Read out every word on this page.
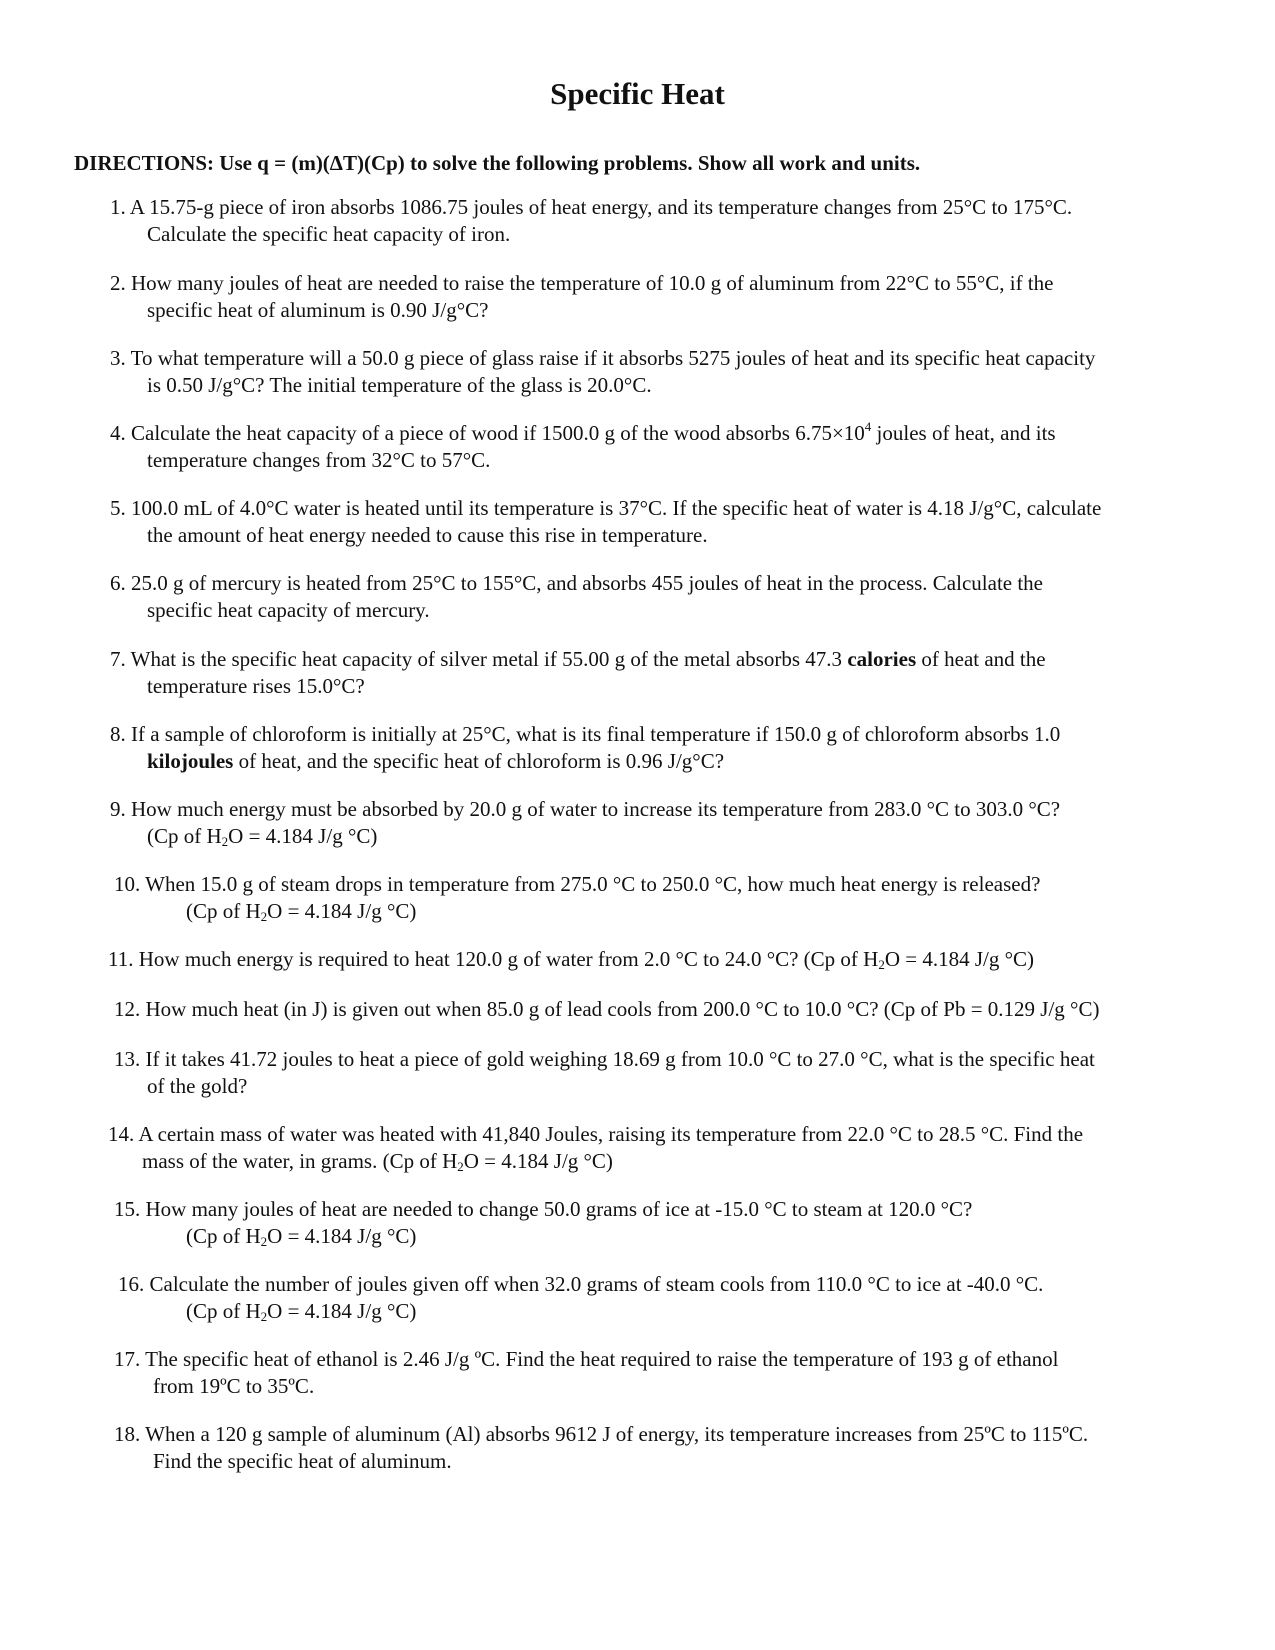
Specific Heat
DIRECTIONS: Use q = (m)(ΔT)(Cp) to solve the following problems. Show all work and units.
1. A 15.75-g piece of iron absorbs 1086.75 joules of heat energy, and its temperature changes from 25°C to 175°C.
Calculate the specific heat capacity of iron.
2. How many joules of heat are needed to raise the temperature of 10.0 g of aluminum from 22°C to 55°C, if the
specific heat of aluminum is 0.90 J/g°C?
3. To what temperature will a 50.0 g piece of glass raise if it absorbs 5275 joules of heat and its specific heat capacity
is 0.50 J/g°C? The initial temperature of the glass is 20.0°C.
4. Calculate the heat capacity of a piece of wood if 1500.0 g of the wood absorbs $6.75\times 10^4$ joules of heat, and its
temperature changes from 32°C to 57°C.
5. 100.0 mL of 4.0°C water is heated until its temperature is 37°C. If the specific heat of water is 4.18 J/g°C, calculate
the amount of heat energy needed to cause this rise in temperature.
6. 25.0 g of mercury is heated from 25°C to 155°C, and absorbs 455 joules of heat in the process. Calculate the
specific heat capacity of mercury.
7. What is the specific heat capacity of silver metal if 55.00 g of the metal absorbs 47.3 calories of heat and the
temperature rises 15.0°C?
8. If a sample of chloroform is initially at 25°C, what is its final temperature if 150.0 g of chloroform absorbs 1.0
kilojoules of heat, and the specific heat of chloroform is 0.96 J/g°C?
9. How much energy must be absorbed by 20.0 g of water to increase its temperature from 283.0 °C to 303.0 °C?
(Cp of $H_2O = 4.184$ J/g °C)
10. When 15.0 g of steam drops in temperature from 275.0 °C to 250.0 °C, how much heat energy is released?
(Cp of $H_2O = 4.184$ J/g °C)
11. How much energy is required to heat 120.0 g of water from 2.0 °C to 24.0 °C? (Cp of $H_2O = 4.184$ J/g °C)
12. How much heat (in J) is given out when 85.0 g of lead cools from 200.0 °C to 10.0 °C? (Cp of Pb = 0.129 J/g °C)
13. If it takes 41.72 joules to heat a piece of gold weighing 18.69 g from 10.0 °C to 27.0 °C, what is the specific heat
of the gold?
14. A certain mass of water was heated with 41,840 Joules, raising its temperature from 22.0 °C to 28.5 °C. Find the
mass of the water, in grams. (Cp of $H_2O = 4.184$ J/g °C)
15. How many joules of heat are needed to change 50.0 grams of ice at -15.0 °C to steam at 120.0 °C?
(Cp of $H_2O = 4.184$ J/g °C)
16. Calculate the number of joules given off when 32.0 grams of steam cools from 110.0 °C to ice at -40.0 °C.
(Cp of $H_2O = 4.184$ J/g °C)
17. The specific heat of ethanol is 2.46 J/g ºC. Find the heat required to raise the temperature of 193 g of ethanol
from 19ºC to 35ºC.
18. When a 120 g sample of aluminum (Al) absorbs 9612 J of energy, its temperature increases from 25ºC to 115ºC.
Find the specific heat of aluminum.
